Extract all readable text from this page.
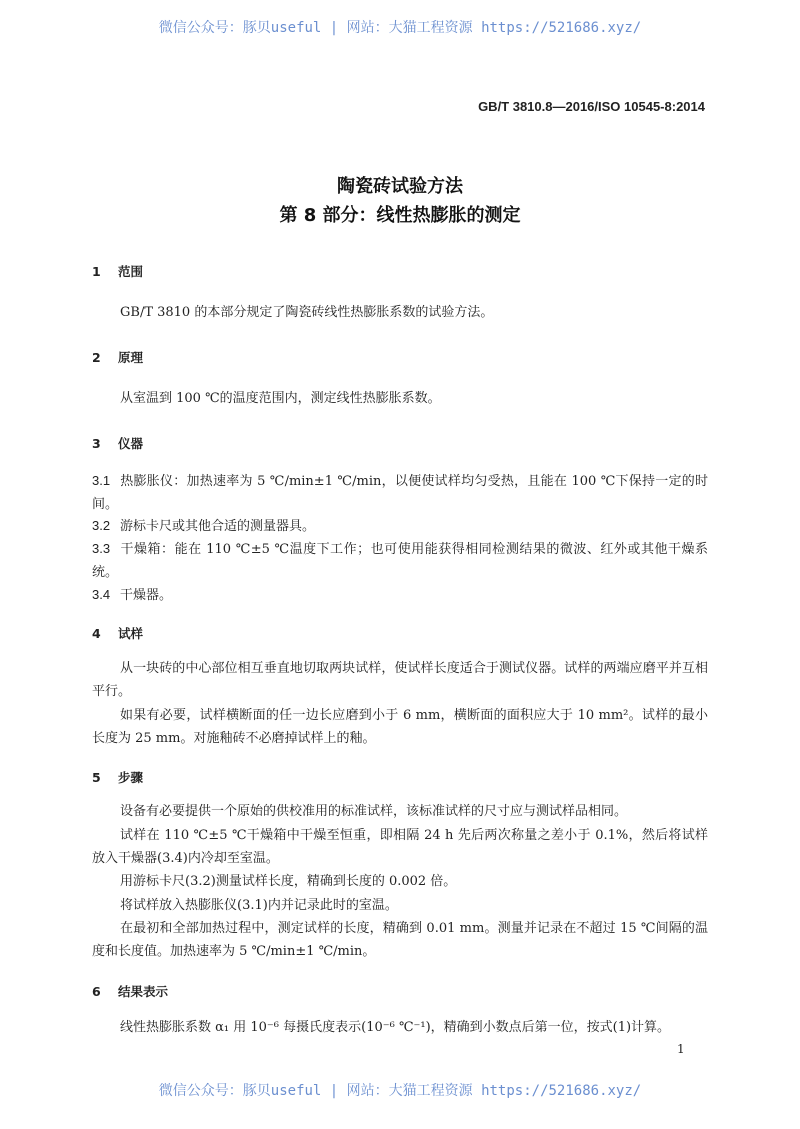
微信公众号：豚贝useful | 网站：大猫工程资源 https://521686.xyz/
GB/T 3810.8—2016/ISO 10545-8:2014
陶瓷砖试验方法
第 8 部分：线性热膨胀的测定
1 范围
GB/T 3810 的本部分规定了陶瓷砖线性热膨胀系数的试验方法。
2 原理
从室温到 100 ℃的温度范围内，测定线性热膨胀系数。
3 仪器
3.1 热膨胀仪：加热速率为 5 ℃/min±1 ℃/min，以便使试样均匀受热，且能在 100 ℃下保持一定的时间。
3.2 游标卡尺或其他合适的测量器具。
3.3 干燥箱：能在 110 ℃±5 ℃温度下工作；也可使用能获得相同检测结果的微波、红外或其他干燥系统。
3.4 干燥器。
4 试样
从一块砖的中心部位相互垂直地切取两块试样，使试样长度适合于测试仪器。试样的两端应磨平并互相平行。
如果有必要，试样横断面的任一边长应磨到小于 6 mm，横断面的面积应大于 10 mm²。试样的最小长度为 25 mm。对施釉砖不必磨掉试样上的釉。
5 步骤
设备有必要提供一个原始的供校准用的标准试样，该标准试样的尺寸应与测试样品相同。
试样在 110 ℃±5 ℃干燥箱中干燥至恒重，即相隔 24 h 先后两次称量之差小于 0.1%，然后将试样放入干燥器(3.4)内冷却至室温。
用游标卡尺(3.2)测量试样长度，精确到长度的 0.002 倍。
将试样放入热膨胀仪(3.1)内并记录此时的室温。
在最初和全部加热过程中，测定试样的长度，精确到 0.01 mm。测量并记录在不超过 15 ℃间隔的温度和长度值。加热速率为 5 ℃/min±1 ℃/min。
6 结果表示
线性热膨胀系数 α₁ 用 10⁻⁶ 每摄氏度表示(10⁻⁶ ℃⁻¹)，精确到小数点后第一位，按式(1)计算。
1
微信公众号：豚贝useful | 网站：大猫工程资源 https://521686.xyz/
